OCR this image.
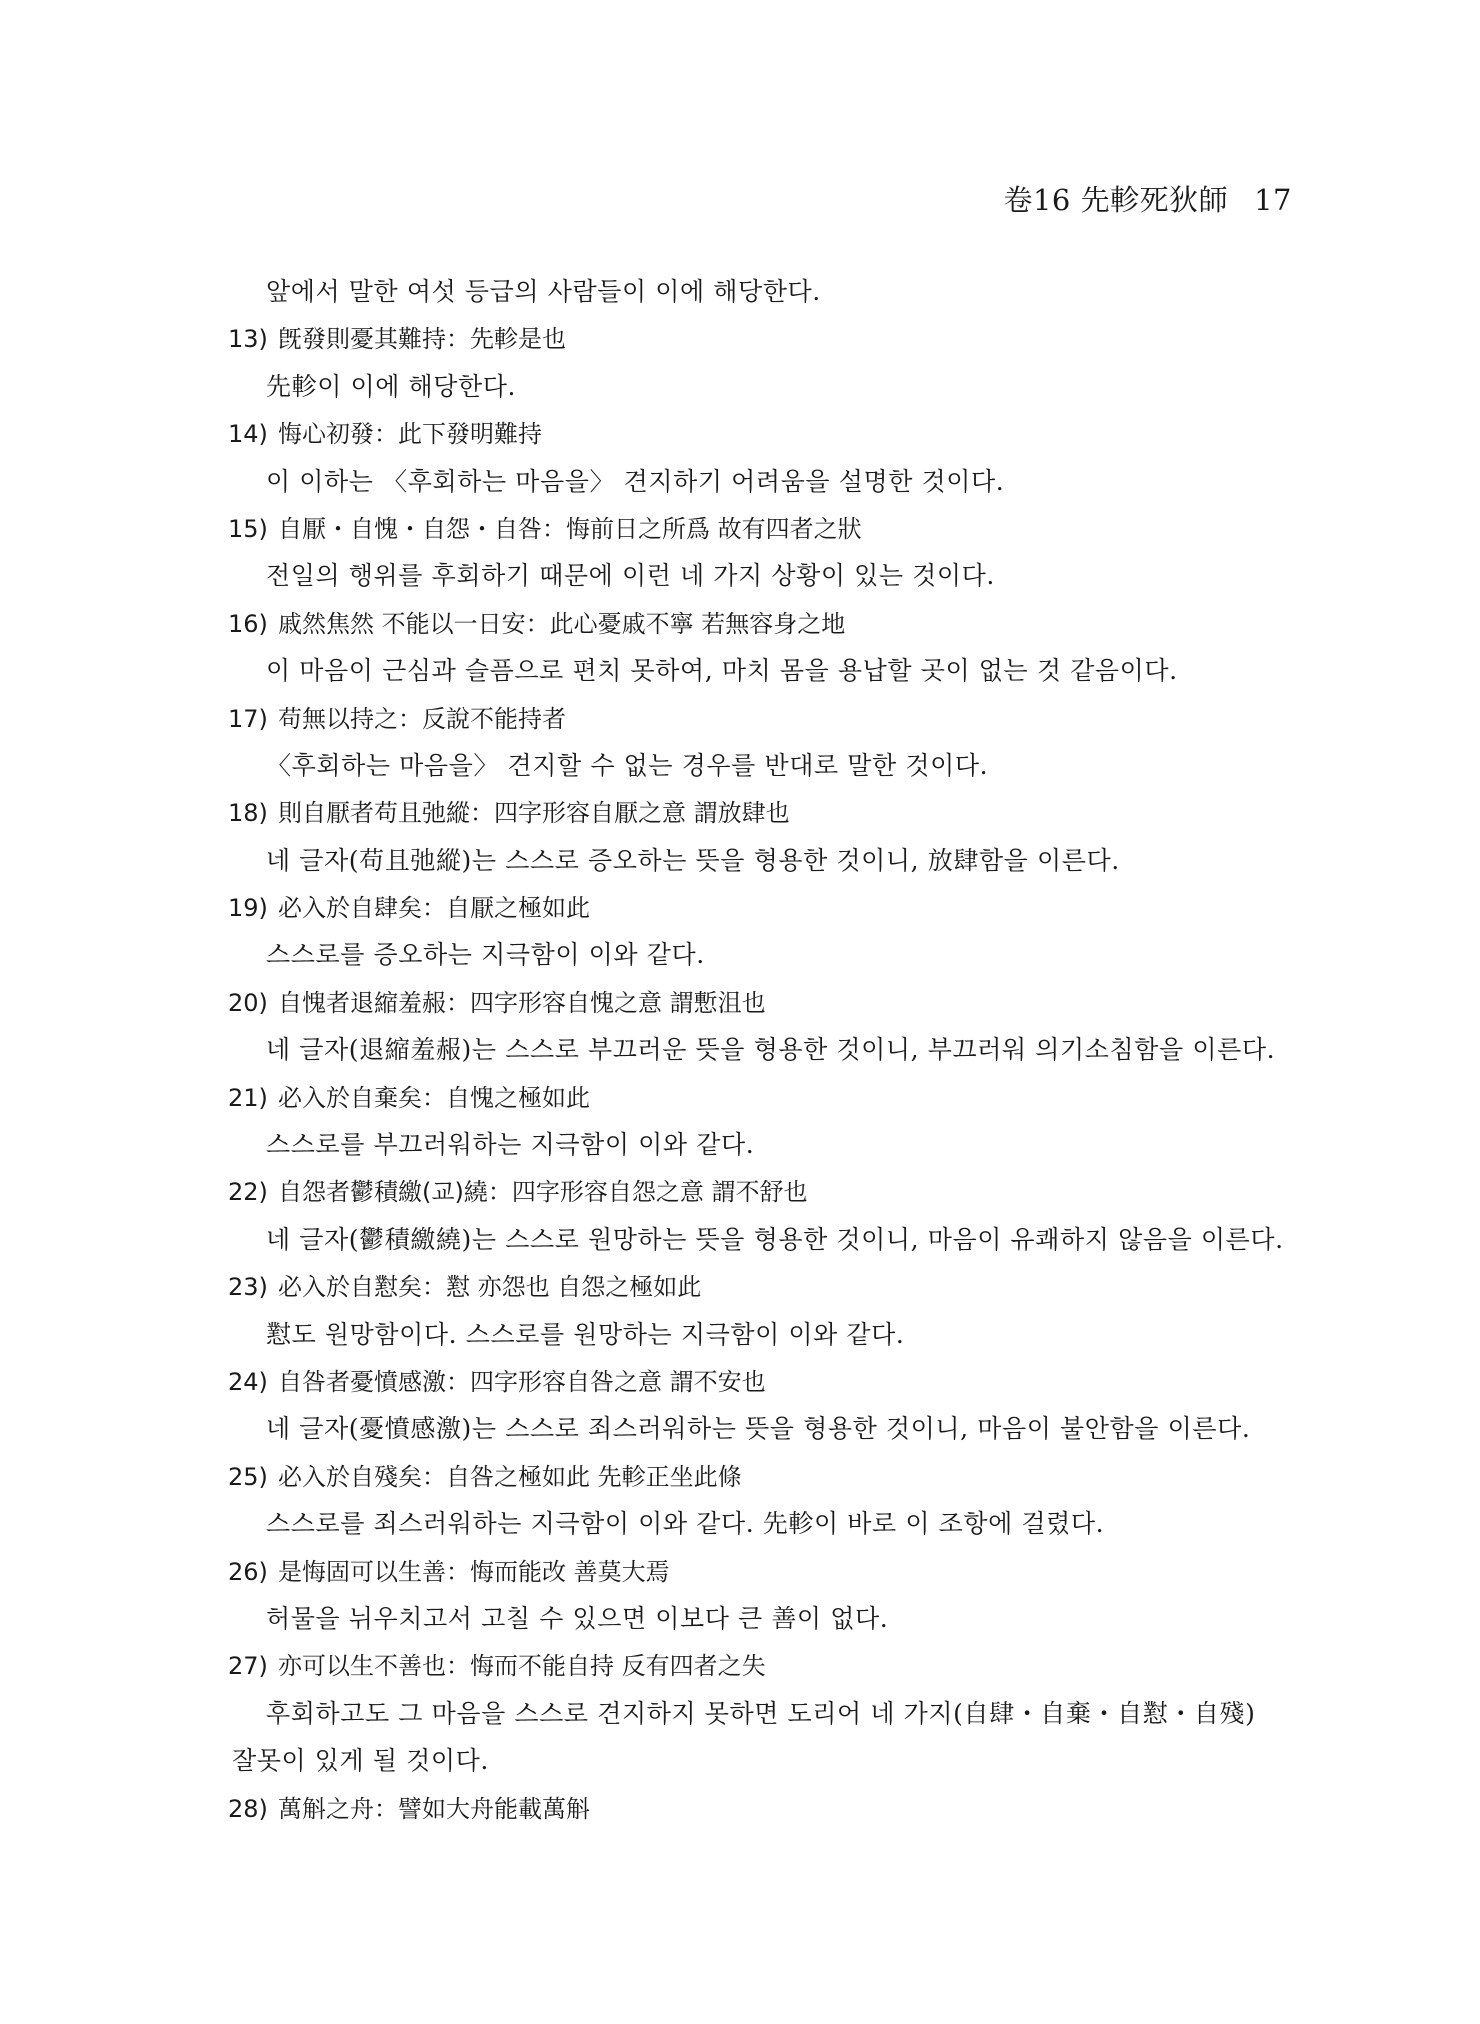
卷16 先軫死狄師 17
앞에서 말한 여섯 등급의 사람들이 이에 해당한다.
13) 旣發則憂其難持：先軫是也
先軫이 이에 해당한다.
14) 悔心初發：此下發明難持
이 이하는 〈후회하는 마음을〉 견지하기 어려움을 설명한 것이다.
15) 自厭・自愧・自怨・自咎：悔前日之所爲 故有四者之狀
전일의 행위를 후회하기 때문에 이런 네 가지 상황이 있는 것이다.
16) 戚然焦然 不能以一日安：此心憂戚不寧 若無容身之地
이 마음이 근심과 슬픔으로 편치 못하여, 마치 몸을 용납할 곳이 없는 것 같음이다.
17) 苟無以持之：反說不能持者
〈후회하는 마음을〉 견지할 수 없는 경우를 반대로 말한 것이다.
18) 則自厭者苟且弛縱：四字形容自厭之意 謂放肆也
네 글자(苟且弛縱)는 스스로 증오하는 뜻을 형용한 것이니, 放肆함을 이른다.
19) 必入於自肆矣：自厭之極如此
스스로를 증오하는 지극함이 이와 같다.
20) 自愧者退縮羞赧：四字形容自愧之意 謂慙沮也
네 글자(退縮羞赧)는 스스로 부끄러운 뜻을 형용한 것이니, 부끄러워 의기소침함을 이른다.
21) 必入於自棄矣：自愧之極如此
스스로를 부끄러워하는 지극함이 이와 같다.
22) 自怨者鬱積繳(교)繞：四字形容自怨之意 謂不舒也
네 글자(鬱積繳繞)는 스스로 원망하는 뜻을 형용한 것이니, 마음이 유쾌하지 않음을 이른다.
23) 必入於自懟矣：懟 亦怨也 自怨之極如此
懟도 원망함이다. 스스로를 원망하는 지극함이 이와 같다.
24) 自咎者憂憤感激：四字形容自咎之意 謂不安也
네 글자(憂憤感激)는 스스로 죄스러워하는 뜻을 형용한 것이니, 마음이 불안함을 이른다.
25) 必入於自殘矣：自咎之極如此 先軫正坐此條
스스로를 죄스러워하는 지극함이 이와 같다. 先軫이 바로 이 조항에 걸렸다.
26) 是悔固可以生善：悔而能改 善莫大焉
허물을 뉘우치고서 고칠 수 있으면 이보다 큰 善이 없다.
27) 亦可以生不善也：悔而不能自持 反有四者之失
후회하고도 그 마음을 스스로 견지하지 못하면 도리어 네 가지(自肆・自棄・自懟・自殘)
잘못이 있게 될 것이다.
28) 萬斛之舟：譬如大舟能載萬斛
